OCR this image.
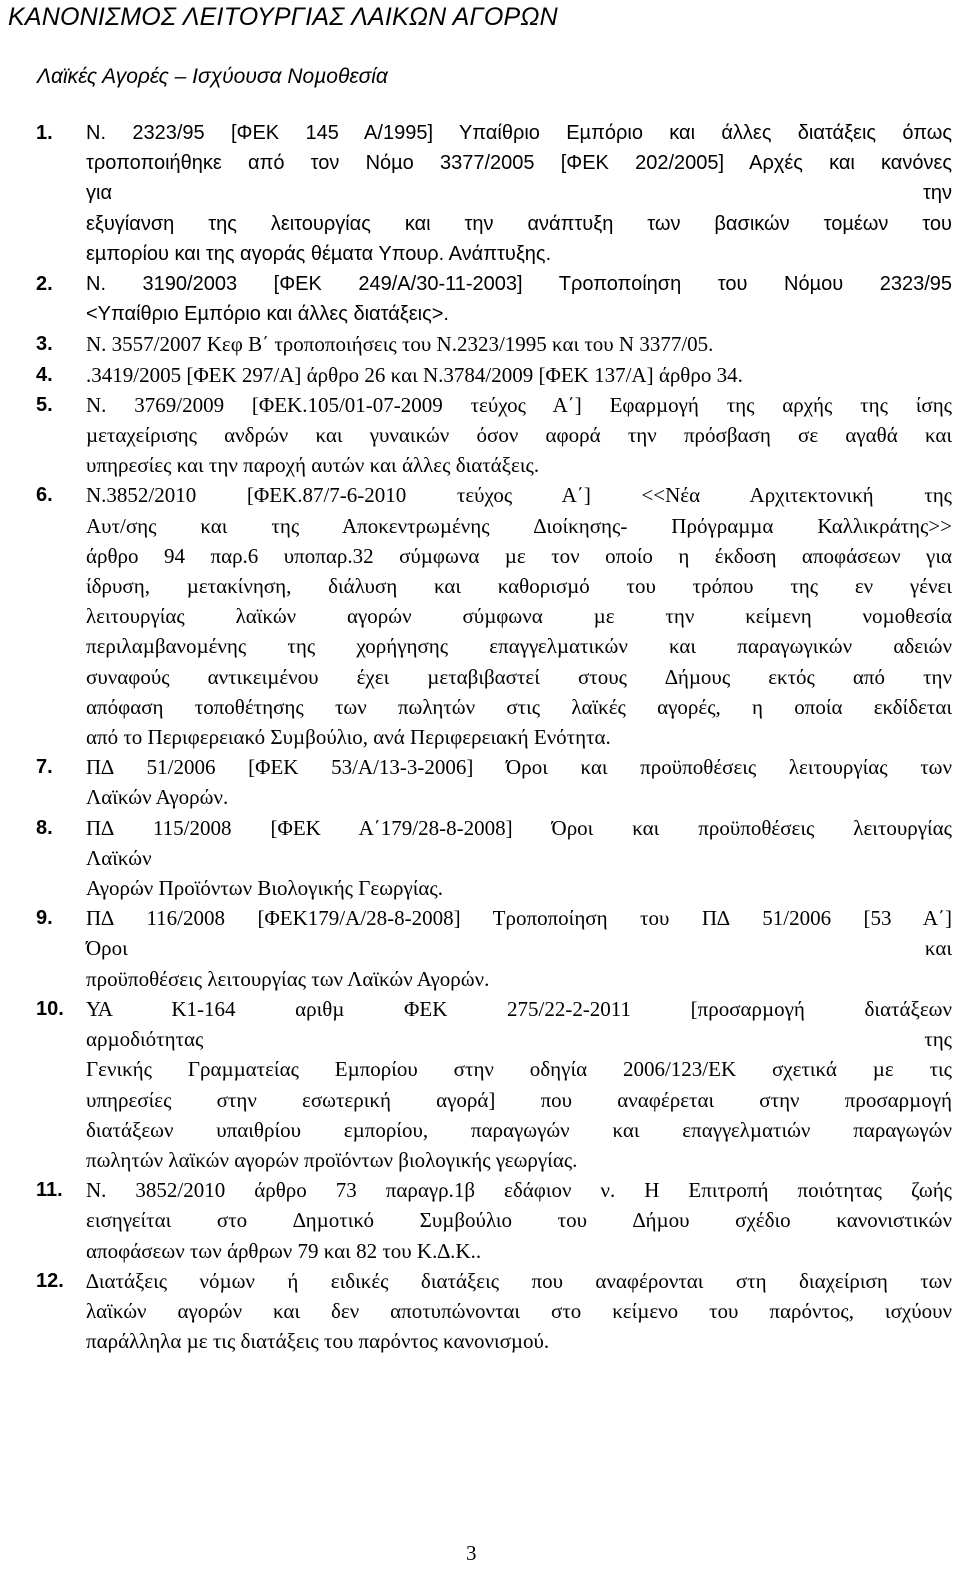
ΚΑΝΟΝΙΣΜΟΣ ΛΕΙΤΟΥΡΓΙΑΣ ΛΑΙΚΩΝ ΑΓΟΡΩΝ
Λαϊκές Αγορές – Ισχύουσα Νοµοθεσία
1.	Ν. 2323/95 [ΦΕΚ 145 Α/1995] Υπαίθριο Εµπόριο και άλλες διατάξεις όπως
τροποποιήθηκε από τον Νόµο 3377/2005 [ΦΕΚ 202/2005] Αρχές και κανόνες
για την
εξυγίανση της λειτουργίας και την ανάπτυξη των βασικών τοµέων του
εµπορίου και της αγοράς θέµατα Υπουρ. Ανάπτυξης.
2.	Ν. 3190/2003 [ΦΕΚ 249/Α/30-11-2003] Τροποποίηση του Νόµου 2323/95
<Υπαίθριο Εµπόριο και άλλες διατάξεις>.
3.	Ν. 3557/2007 Κεφ Β΄ τροποποιήσεις του Ν.2323/1995 και του Ν 3377/05.
4.	.3419/2005 [ΦΕΚ 297/Α] άρθρο 26 και Ν.3784/2009 [ΦΕΚ 137/Α] άρθρο 34.
5.	Ν. 3769/2009 [ΦΕΚ.105/01-07-2009 τεύχος Α΄] Εφαρµογή της αρχής της ίσης
µεταχείρισης ανδρών και γυναικών όσον αφορά την πρόσβαση σε αγαθά και
υπηρεσίες και την παροχή αυτών και άλλες διατάξεις.
6.	Ν.3852/2010 [ΦΕΚ.87/7-6-2010 τεύχος Α΄] <<Νέα Αρχιτεκτονική της
Αυτ/σης και της Αποκεντρωµένης ∆ιοίκησης- Πρόγραµµα Καλλικράτης>>
άρθρο 94 παρ.6 υποπαρ.32 σύµφωνα µε τον οποίο η έκδοση αποφάσεων για
ίδρυση, µετακίνηση, διάλυση και καθορισµό του τρόπου της εν γένει
λειτουργίας λαϊκών αγορών σύµφωνα µε την κείµενη νοµοθεσία
περιλαµβανοµένης της χορήγησης επαγγελµατικών και παραγωγικών αδειών
συναφούς αντικειµένου έχει µεταβιβαστεί στους ∆ήµους εκτός από την
απόφαση τοποθέτησης των πωλητών στις λαϊκές αγορές, η οποία εκδίδεται
από το Περιφερειακό Συµβούλιο, ανά Περιφερειακή Ενότητα.
7.	Π∆ 51/2006 [ΦΕΚ 53/Α/13-3-2006] Όροι και προϋποθέσεις λειτουργίας των
Λαϊκών Αγορών.
8.	Π∆ 115/2008 [ΦΕΚ Α΄179/28-8-2008] Όροι και προϋποθέσεις λειτουργίας
Λαϊκών
Αγορών Προϊόντων Βιολογικής Γεωργίας.
9.	Π∆ 116/2008 [ΦΕΚ179/Α/28-8-2008] Τροποποίηση του Π∆ 51/2006 [53 Α΄]
Όροι και
προϋποθέσεις λειτουργίας των Λαϊκών Αγορών.
10.	ΥΑ Κ1-164 αριθµ ΦΕΚ 275/22-2-2011 [προσαρµογή διατάξεων
αρµοδιότητας της
Γενικής Γραµµατείας Εµπορίου στην οδηγία 2006/123/ΕΚ σχετικά µε τις
υπηρεσίες στην εσωτερική αγορά] που αναφέρεται στην προσαρµογή
διατάξεων υπαιθρίου εµπορίου, παραγωγών και επαγγελµατιών παραγωγών
πωλητών λαϊκών αγορών προϊόντων βιολογικής γεωργίας.
11.	Ν. 3852/2010 άρθρο 73 παραγρ.1β εδάφιον ν. Η Επιτροπή ποιότητας ζωής
εισηγείται στο ∆ηµοτικό Συµβούλιο του ∆ήµου σχέδιο κανονιστικών
αποφάσεων των άρθρων 79 και 82 του Κ.∆.Κ..
12.	∆ιατάξεις νόµων ή ειδικές διατάξεις που αναφέρονται στη διαχείριση των
λαϊκών αγορών και δεν αποτυπώνονται στο κείµενο του παρόντος, ισχύουν
παράλληλα µε τις διατάξεις του παρόντος κανονισµού.
3
